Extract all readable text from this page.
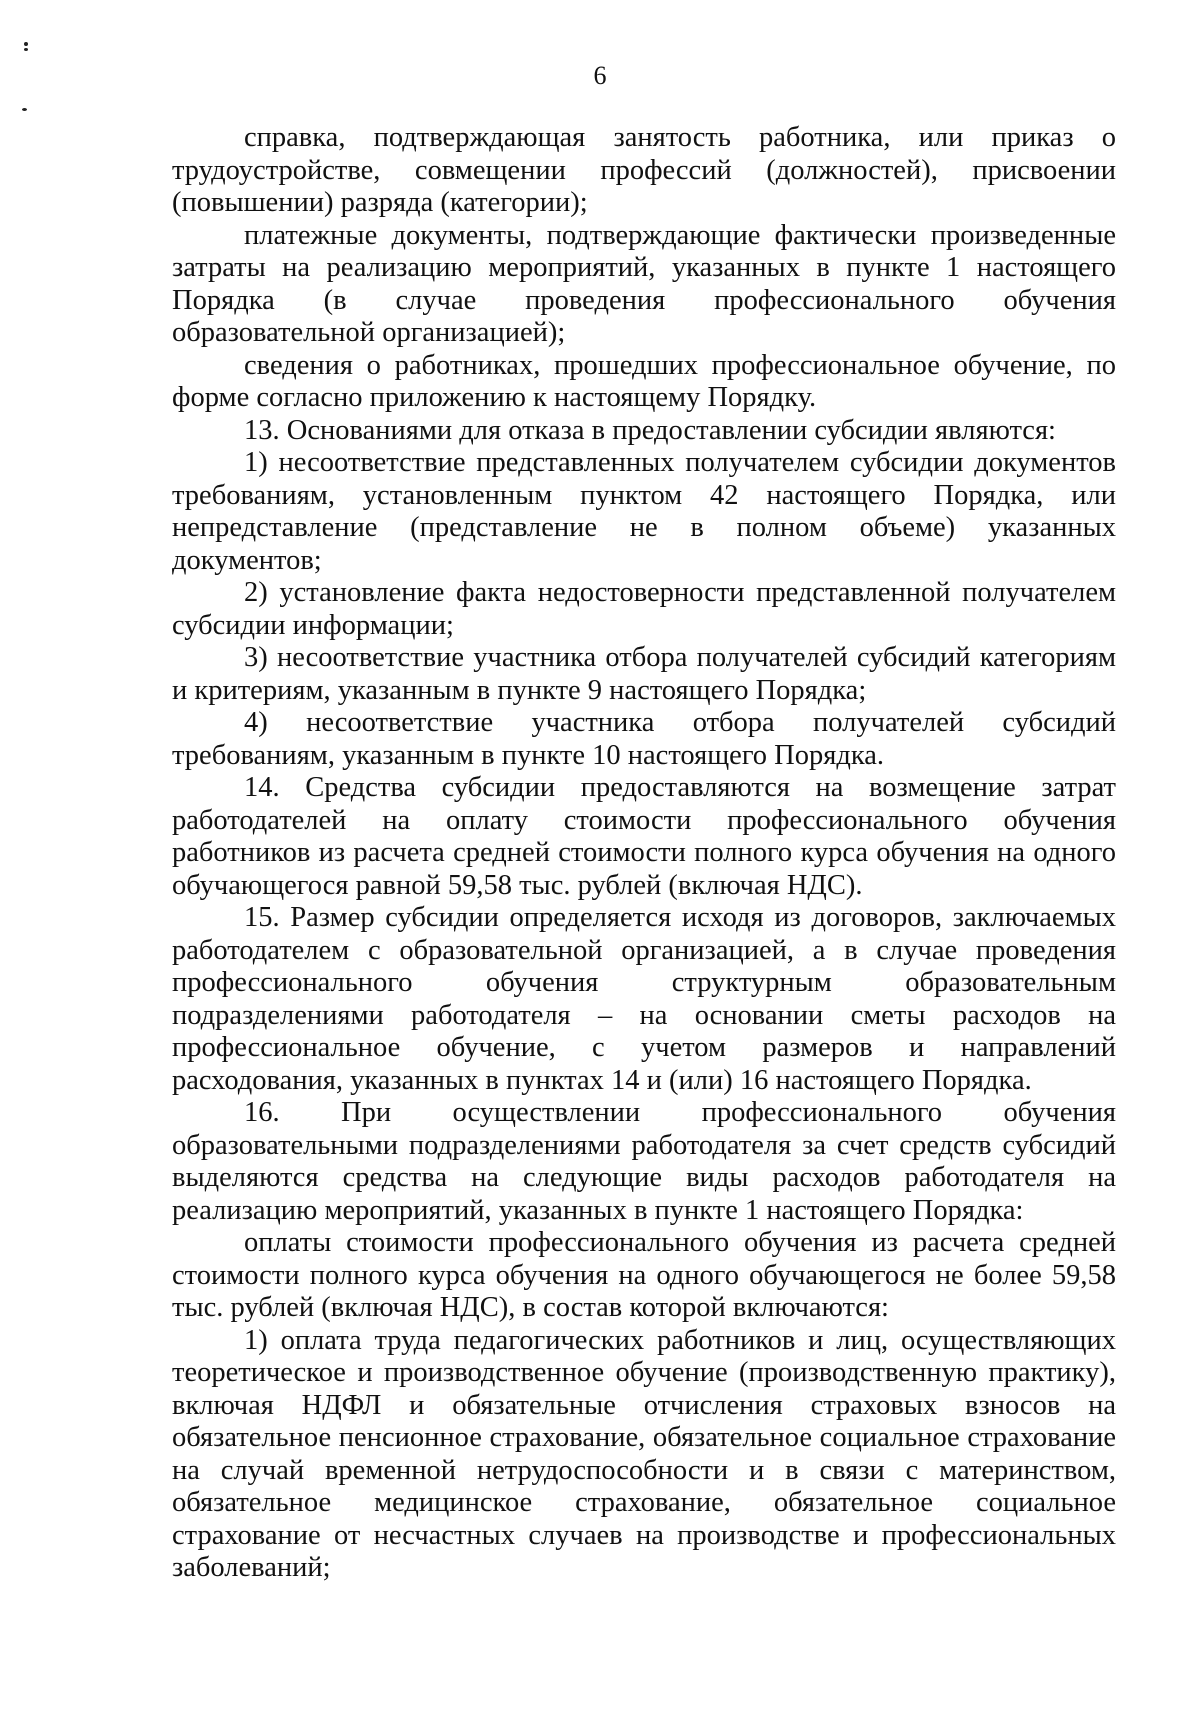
6

справка, подтверждающая занятость работника, или приказ о трудоустройстве, совмещении профессий (должностей), присвоении (повышении) разряда (категории);

платежные документы, подтверждающие фактически произведенные затраты на реализацию мероприятий, указанных в пункте 1 настоящего Порядка (в случае проведения профессионального обучения образовательной организацией);

сведения о работниках, прошедших профессиональное обучение, по форме согласно приложению к настоящему Порядку.

13. Основаниями для отказа в предоставлении субсидии являются:

1) несоответствие представленных получателем субсидии документов требованиям, установленным пунктом 42 настоящего Порядка, или непредставление (представление не в полном объеме) указанных документов;

2) установление факта недостоверности представленной получателем субсидии информации;

3) несоответствие участника отбора получателей субсидий категориям и критериям, указанным в пункте 9 настоящего Порядка;

4) несоответствие участника отбора получателей субсидий требованиям, указанным в пункте 10 настоящего Порядка.

14. Средства субсидии предоставляются на возмещение затрат работодателей на оплату стоимости профессионального обучения работников из расчета средней стоимости полного курса обучения на одного обучающегося равной 59,58 тыс. рублей (включая НДС).

15. Размер субсидии определяется исходя из договоров, заключаемых работодателем с образовательной организацией, а в случае проведения профессионального обучения структурным образовательным подразделениями работодателя – на основании сметы расходов на профессиональное обучение, с учетом размеров и направлений расходования, указанных в пунктах 14 и (или) 16 настоящего Порядка.

16. При осуществлении профессионального обучения образовательными подразделениями работодателя за счет средств субсидий выделяются средства на следующие виды расходов работодателя на реализацию мероприятий, указанных в пункте 1 настоящего Порядка:

оплаты стоимости профессионального обучения из расчета средней стоимости полного курса обучения на одного обучающегося не более 59,58 тыс. рублей (включая НДС), в состав которой включаются:

1) оплата труда педагогических работников и лиц, осуществляющих теоретическое и производственное обучение (производственную практику), включая НДФЛ и обязательные отчисления страховых взносов на обязательное пенсионное страхование, обязательное социальное страхование на случай временной нетрудоспособности и в связи с материнством, обязательное медицинское страхование, обязательное социальное страхование от несчастных случаев на производстве и профессиональных заболеваний;
